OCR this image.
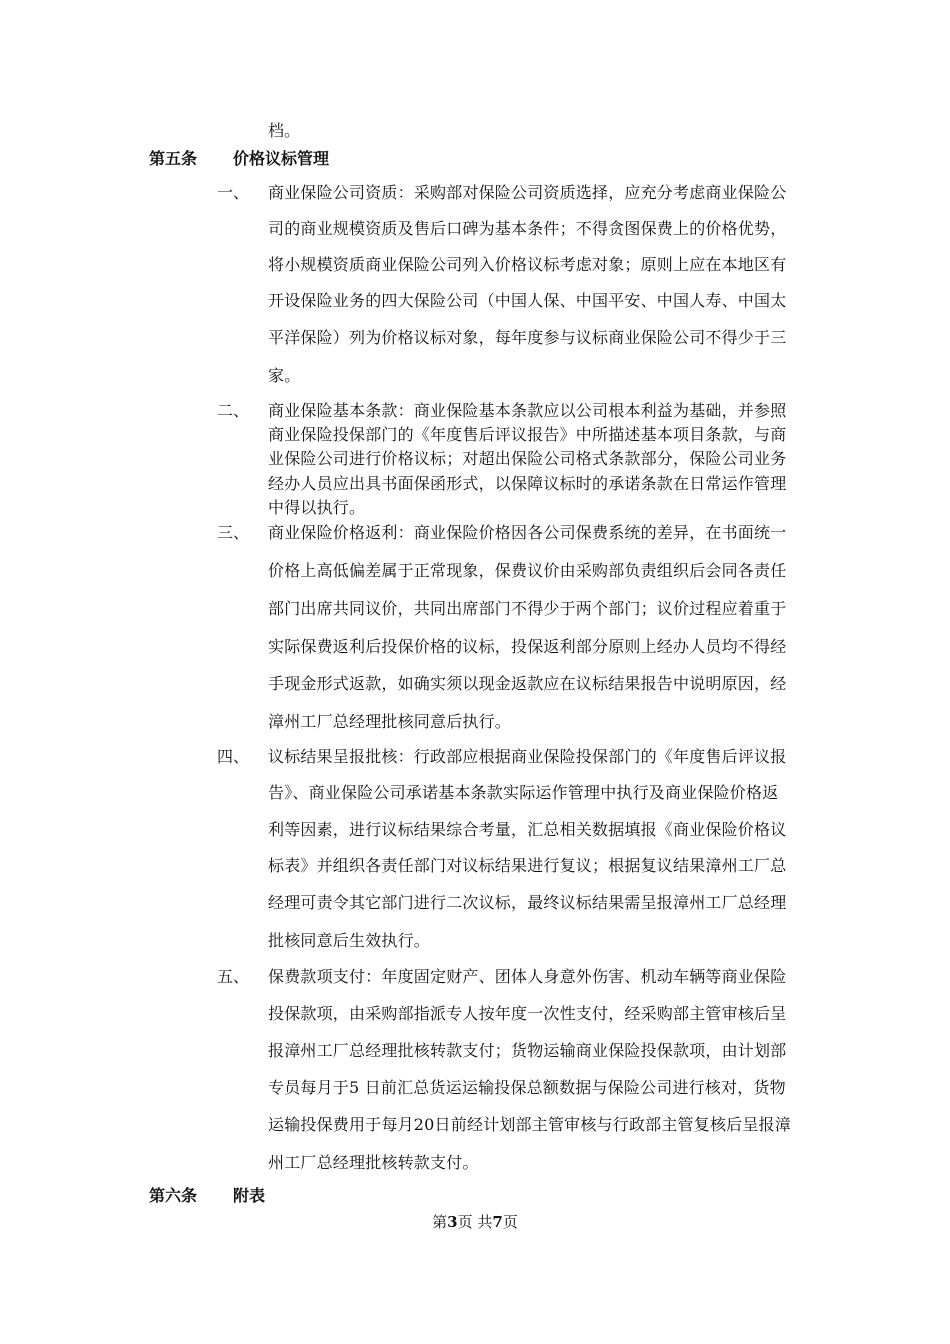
档。
第五条 价格议标管理
一、 商业保险公司资质：采购部对保险公司资质选择，应充分考虑商业保险公
司的商业规模资质及售后口碑为基本条件；不得贪图保费上的价格优势，
将小规模资质商业保险公司列入价格议标考虑对象；原则上应在本地区有
开设保险业务的四大保险公司（中国人保、中国平安、中国人寿、中国太
平洋保险）列为价格议标对象，每年度参与议标商业保险公司不得少于三
家。
二、 商业保险基本条款：商业保险基本条款应以公司根本利益为基础，并参照
商业保险投保部门的《年度售后评议报告》中所描述基本项目条款，与商
业保险公司进行价格议标；对超出保险公司格式条款部分，保险公司业务
经办人员应出具书面保函形式，以保障议标时的承诺条款在日常运作管理
中得以执行。
三、 商业保险价格返利：商业保险价格因各公司保费系统的差异，在书面统一
价格上高低偏差属于正常现象，保费议价由采购部负责组织后会同各责任
部门出席共同议价，共同出席部门不得少于两个部门；议价过程应着重于
实际保费返利后投保价格的议标，投保返利部分原则上经办人员均不得经
手现金形式返款，如确实须以现金返款应在议标结果报告中说明原因，经
漳州工厂总经理批核同意后执行。
四、 议标结果呈报批核：行政部应根据商业保险投保部门的《年度售后评议报
告》、商业保险公司承诺基本条款实际运作管理中执行及商业保险价格返
利等因素，进行议标结果综合考量，汇总相关数据填报《商业保险价格议
标表》并组织各责任部门对议标结果进行复议；根据复议结果漳州工厂总
经理可责令其它部门进行二次议标，最终议标结果需呈报漳州工厂总经理
批核同意后生效执行。
五、 保费款项支付：年度固定财产、团体人身意外伤害、机动车辆等商业保险
投保款项，由采购部指派专人按年度一次性支付，经采购部主管审核后呈
报漳州工厂总经理批核转款支付；货物运输商业保险投保款项，由计划部
专员每月于5 日前汇总货运运输投保总额数据与保险公司进行核对，货物
运输投保费用于每月20日前经计划部主管审核与行政部主管复核后呈报漳
州工厂总经理批核转款支付。
第六条 附表
第3页 共7页
